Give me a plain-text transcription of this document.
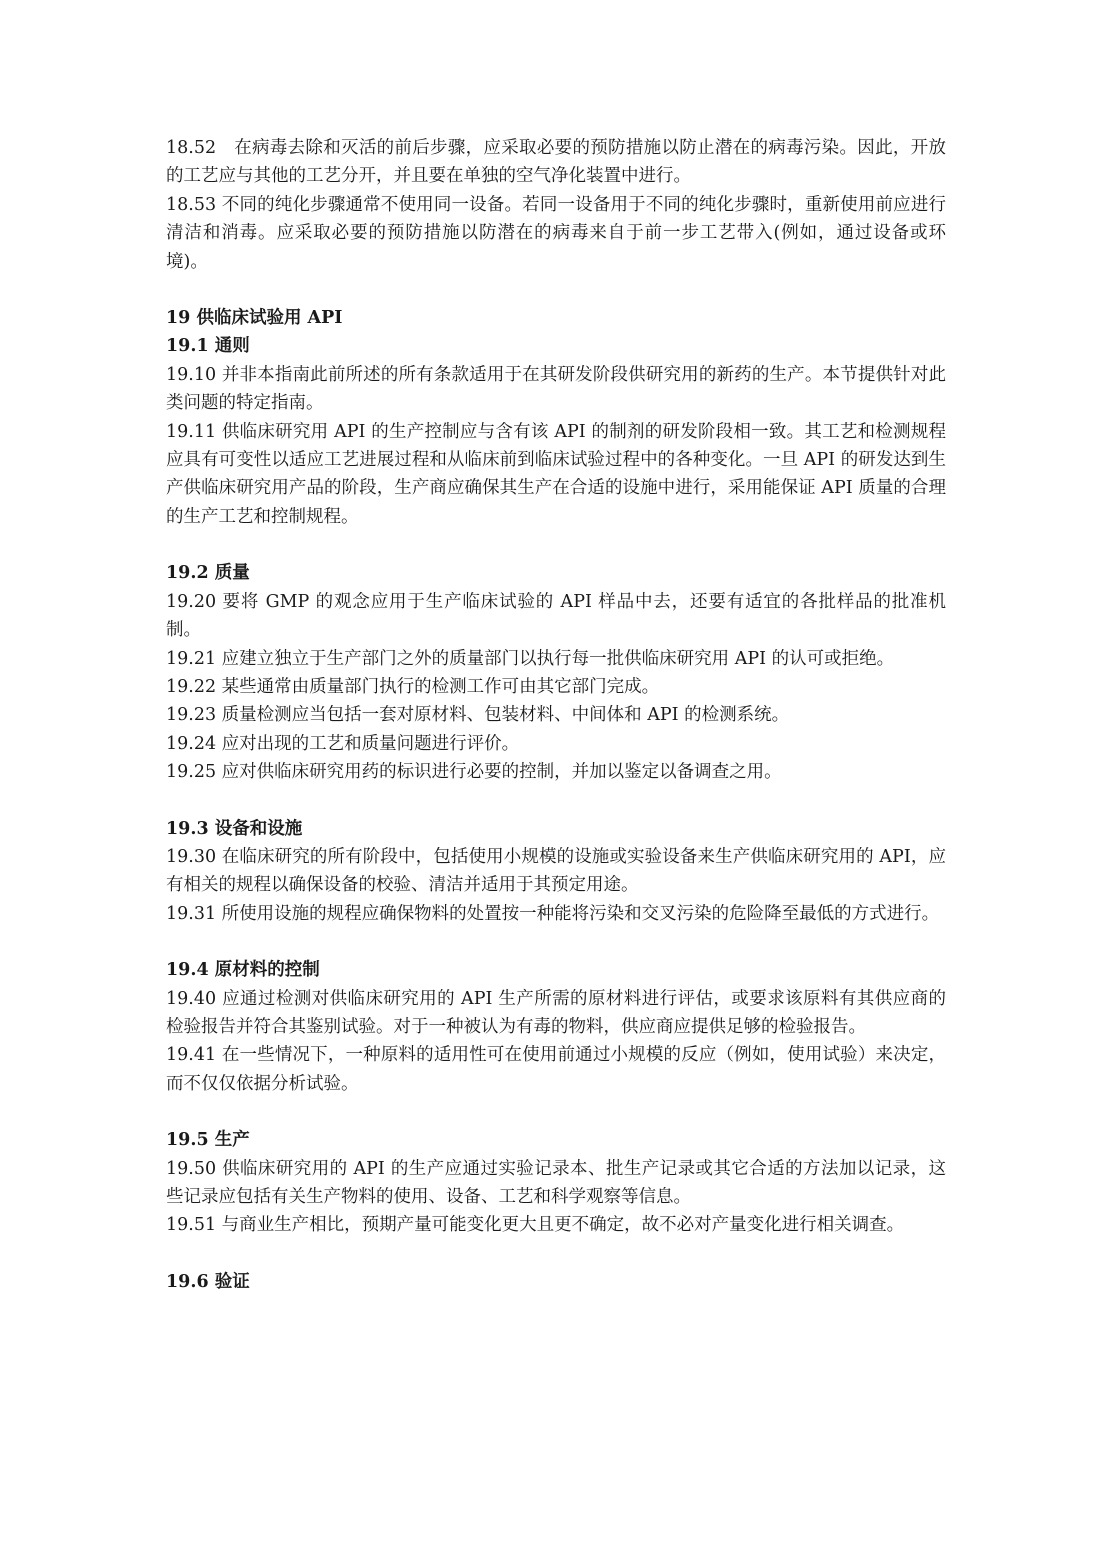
18.52　在病毒去除和灭活的前后步骤，应采取必要的预防措施以防止潜在的病毒污染。因此，开放的工艺应与其他的工艺分开，并且要在单独的空气净化装置中进行。

18.53 不同的纯化步骤通常不使用同一设备。若同一设备用于不同的纯化步骤时，重新使用前应进行清洁和消毒。应采取必要的预防措施以防潜在的病毒来自于前一步工艺带入(例如，通过设备或环境)。

19 供临床试验用 API

19.1 通则

19.10 并非本指南此前所述的所有条款适用于在其研发阶段供研究用的新药的生产。本节提供针对此类问题的特定指南。

19.11 供临床研究用 API 的生产控制应与含有该 API 的制剂的研发阶段相一致。其工艺和检测规程应具有可变性以适应工艺进展过程和从临床前到临床试验过程中的各种变化。一旦 API 的研发达到生产供临床研究用产品的阶段，生产商应确保其生产在合适的设施中进行，采用能保证 API 质量的合理的生产工艺和控制规程。

19.2 质量

19.20 要将 GMP 的观念应用于生产临床试验的 API 样品中去，还要有适宜的各批样品的批准机制。

19.21 应建立独立于生产部门之外的质量部门以执行每一批供临床研究用 API 的认可或拒绝。

19.22 某些通常由质量部门执行的检测工作可由其它部门完成。

19.23 质量检测应当包括一套对原材料、包装材料、中间体和 API 的检测系统。

19.24 应对出现的工艺和质量问题进行评价。

19.25 应对供临床研究用药的标识进行必要的控制，并加以鉴定以备调查之用。

19.3 设备和设施

19.30 在临床研究的所有阶段中，包括使用小规模的设施或实验设备来生产供临床研究用的 API，应有相关的规程以确保设备的校验、清洁并适用于其预定用途。

19.31 所使用设施的规程应确保物料的处置按一种能将污染和交叉污染的危险降至最低的方式进行。

19.4 原材料的控制

19.40 应通过检测对供临床研究用的 API 生产所需的原材料进行评估，或要求该原料有其供应商的检验报告并符合其鉴别试验。对于一种被认为有毒的物料，供应商应提供足够的检验报告。

19.41 在一些情况下，一种原料的适用性可在使用前通过小规模的反应（例如，使用试验）来决定，而不仅仅依据分析试验。

19.5 生产

19.50 供临床研究用的 API 的生产应通过实验记录本、批生产记录或其它合适的方法加以记录，这些记录应包括有关生产物料的使用、设备、工艺和科学观察等信息。

19.51 与商业生产相比，预期产量可能变化更大且更不确定，故不必对产量变化进行相关调查。

19.6 验证
